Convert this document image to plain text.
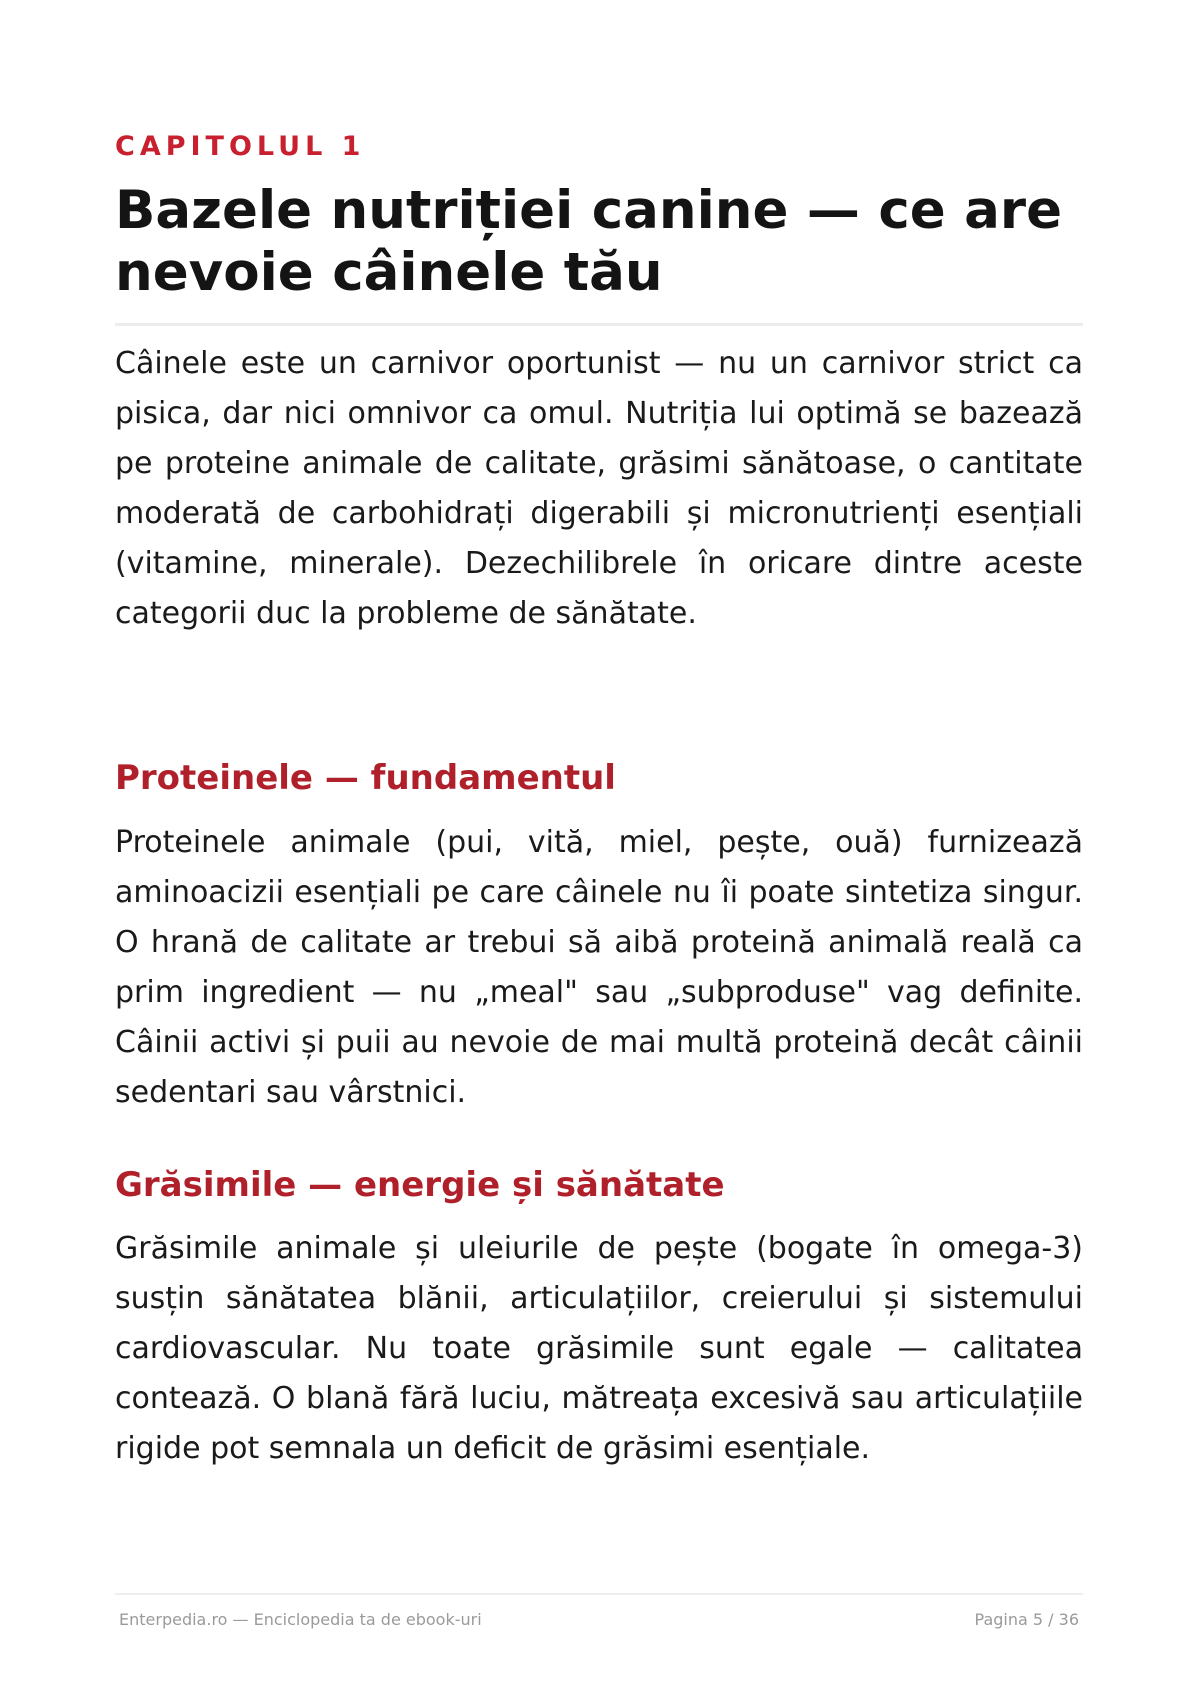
CAPITOLUL 1

Bazele nutriției canine — ce are nevoie câinele tău

Câinele este un carnivor oportunist — nu un carnivor strict ca pisica, dar nici omnivor ca omul. Nutriția lui optimă se bazează pe proteine animale de calitate, grăsimi sănătoase, o cantitate moderată de carbohidrați digerabili și micronutrienți esențiali (vitamine, minerale). Dezechilibrele în oricare dintre aceste categorii duc la probleme de sănătate.

Proteinele — fundamentul

Proteinele animale (pui, vită, miel, pește, ouă) furnizează aminoacizii esențiali pe care câinele nu îi poate sintetiza singur. O hrană de calitate ar trebui să aibă proteină animală reală ca prim ingredient — nu „meal" sau „subproduse" vag definite. Câinii activi și puii au nevoie de mai multă proteină decât câinii sedentari sau vârstnici.

Grăsimile — energie și sănătate

Grăsimile animale și uleiurile de pește (bogate în omega-3) susțin sănătatea blănii, articulațiilor, creierului și sistemului cardiovascular. Nu toate grăsimile sunt egale — calitatea contează. O blană fără luciu, mătreața excesivă sau articulațiile rigide pot semnala un deficit de grăsimi esențiale.

Enterpedia.ro — Enciclopedia ta de ebook-uri	Pagina 5 / 36
